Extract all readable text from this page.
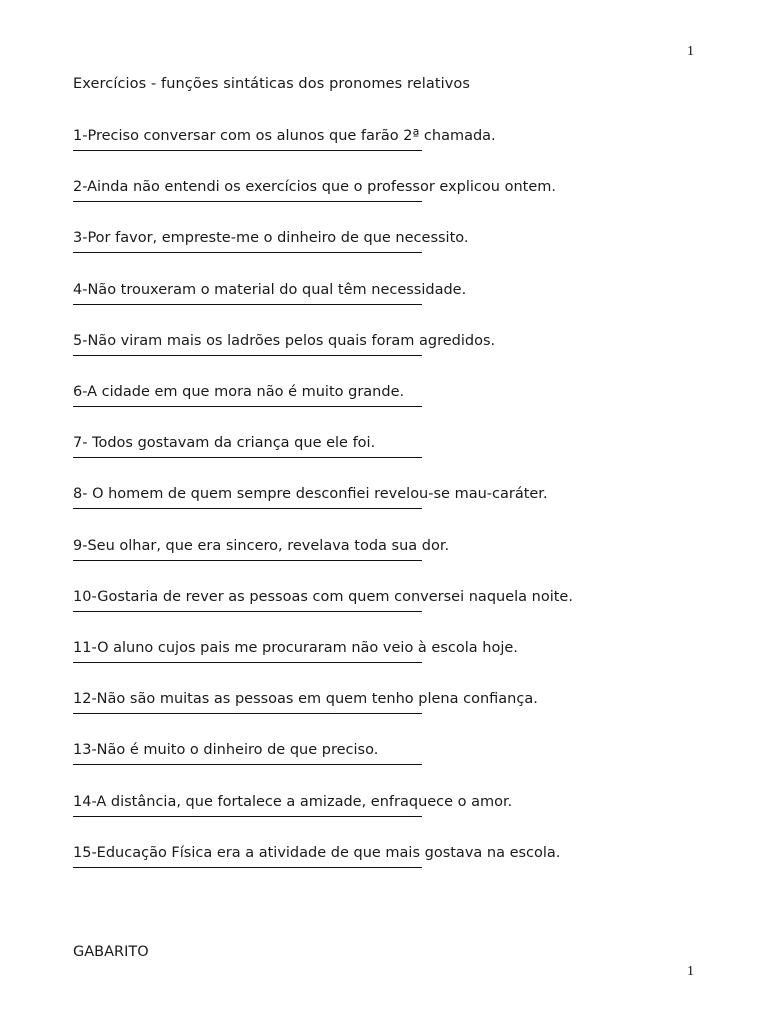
1
Exercícios - funções sintáticas dos pronomes relativos
1-Preciso conversar com os alunos que farão 2ª chamada.
2-Ainda não entendi os exercícios que o professor explicou ontem.
3-Por favor, empreste-me o dinheiro de que necessito.
4-Não trouxeram o material do qual têm necessidade.
5-Não viram mais os ladrões pelos quais foram agredidos.
6-A cidade em que mora não é muito grande.
7- Todos gostavam da criança que ele foi.
8- O homem de quem sempre desconfiei revelou-se mau-caráter.
9-Seu olhar, que era sincero, revelava toda sua dor.
10-Gostaria de rever as pessoas com quem conversei naquela noite.
11-O aluno cujos pais me procuraram não veio à escola hoje.
12-Não são muitas as pessoas em quem tenho plena confiança.
13-Não é muito o dinheiro de que preciso.
14-A distância, que fortalece a amizade, enfraquece o amor.
15-Educação Física era a atividade de que mais gostava na escola.
GABARITO
1
